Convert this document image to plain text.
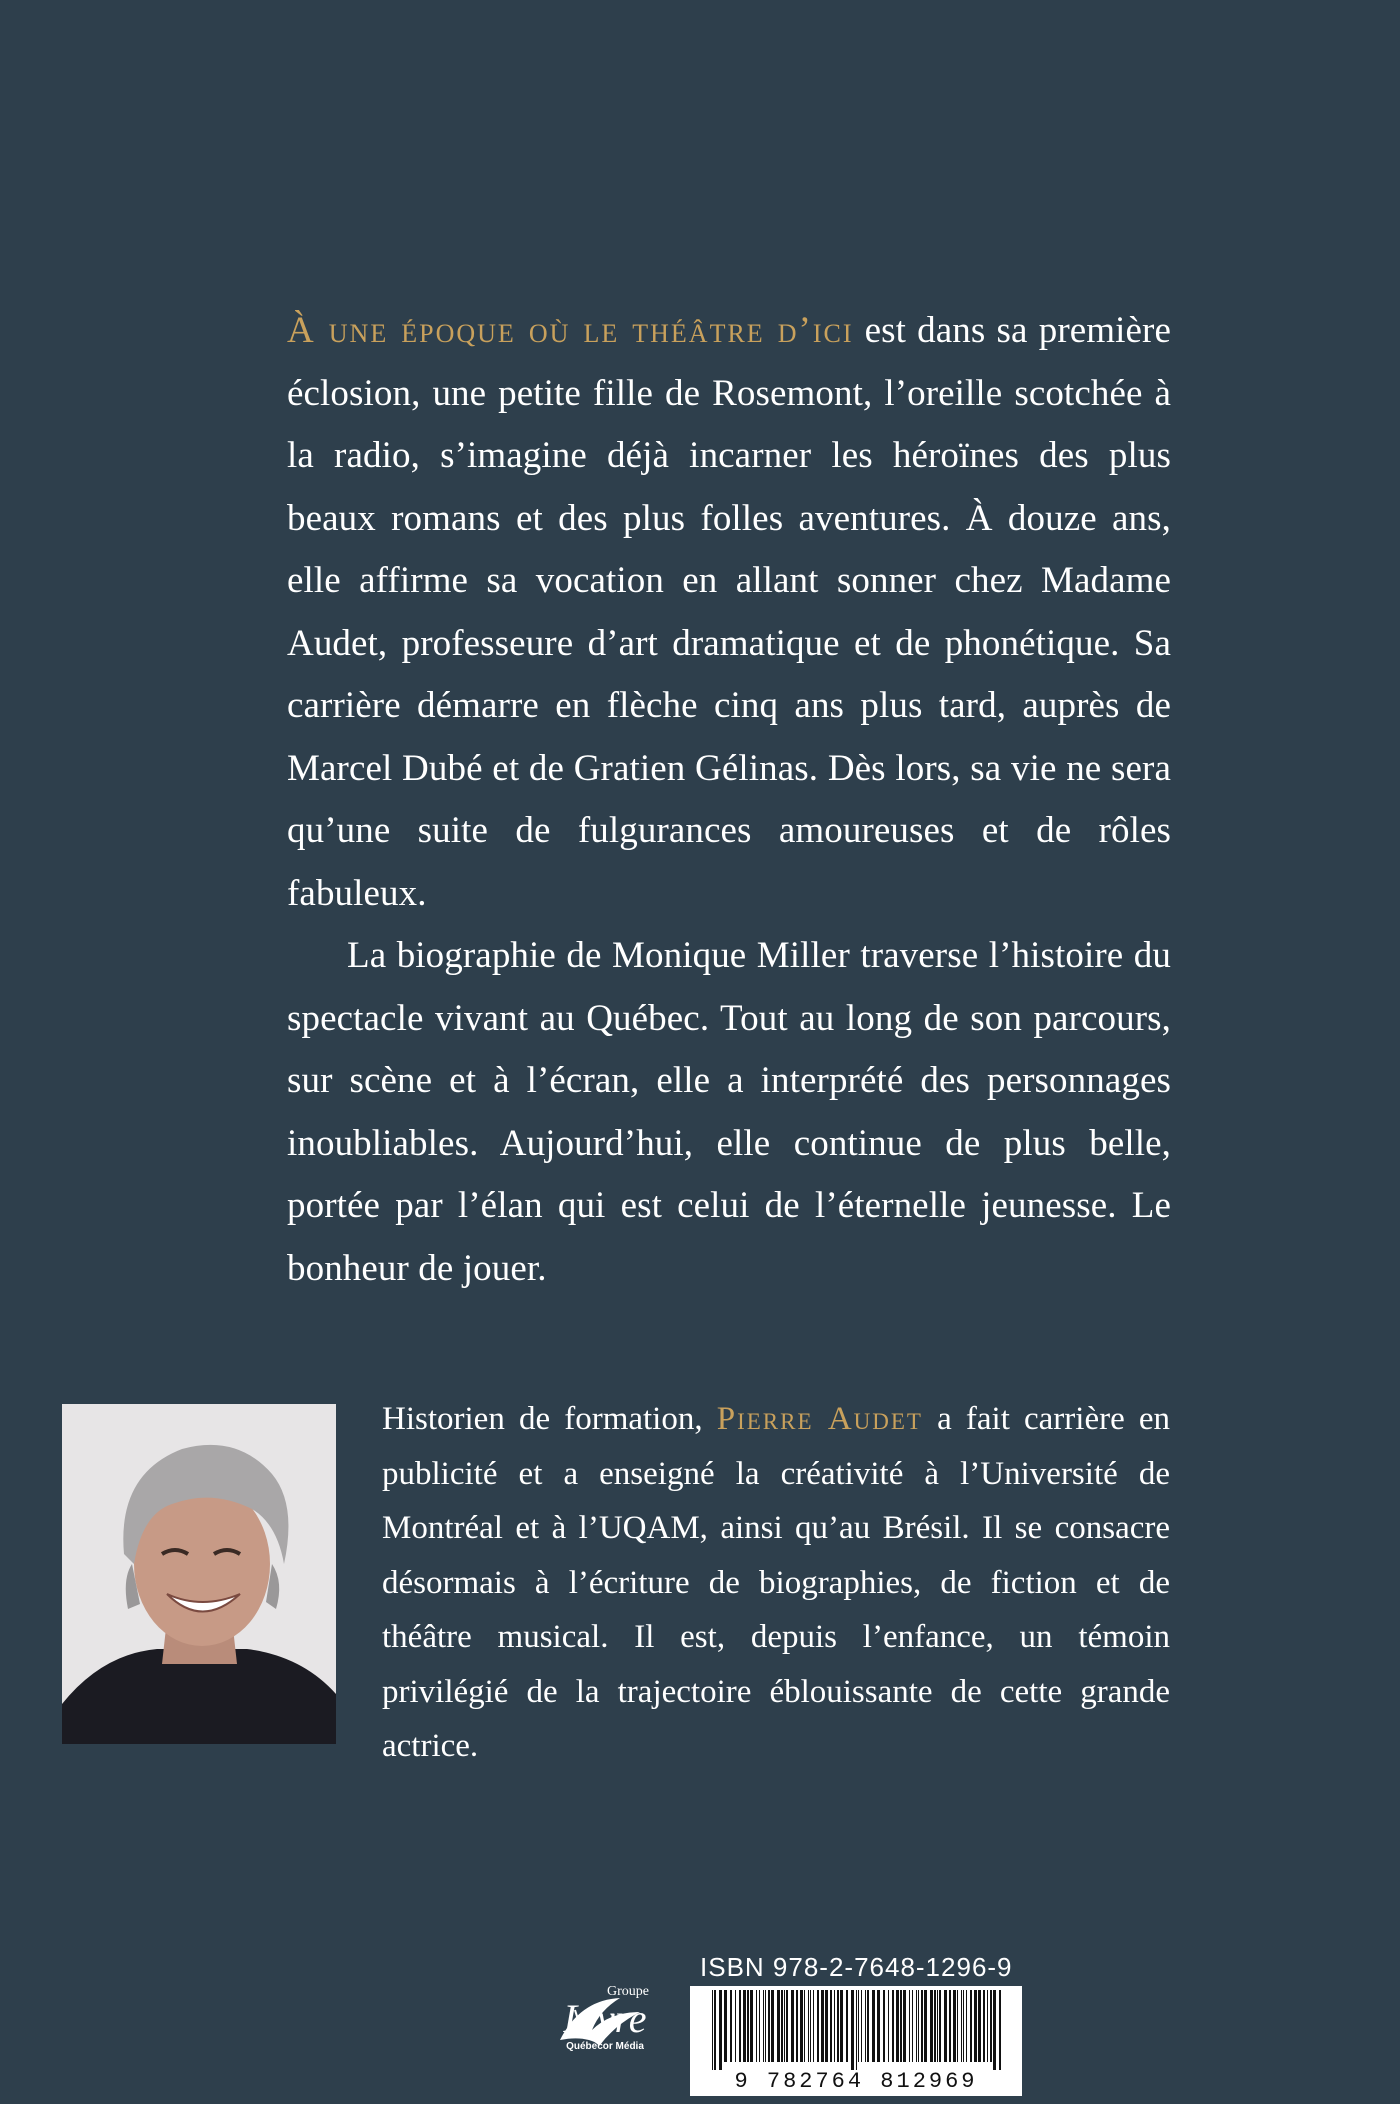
À une époque où le théâtre d’ici est dans sa première éclosion, une petite fille de Rosemont, l’oreille scotchée à la radio, s’imagine déjà incarner les héroïnes des plus beaux romans et des plus folles aventures. À douze ans, elle affirme sa vocation en allant sonner chez Madame Audet, professeure d’art dramatique et de phonétique. Sa carrière démarre en flèche cinq ans plus tard, auprès de Marcel Dubé et de Gratien Gélinas. Dès lors, sa vie ne sera qu’une suite de fulgurances amoureuses et de rôles fabuleux.

La biographie de Monique Miller traverse l’histoire du spectacle vivant au Québec. Tout au long de son parcours, sur scène et à l’écran, elle a interprété des personnages inoubliables. Aujourd’hui, elle continue de plus belle, portée par l’élan qui est celui de l’éternelle jeunesse. Le bonheur de jouer.

Historien de formation, Pierre Audet a fait carrière en publicité et a enseigné la créativité à l’Université de Montréal et à l’UQAM, ainsi qu’au Brésil. Il se consacre désormais à l’écriture de biographies, de fiction et de théâtre musical. Il est, depuis l’enfance, un témoin privilégié de la trajectoire éblouissante de cette grande actrice.

Groupe
Livre
Québecor Média
ISBN 978-2-7648-1296-9
9 782764 812969
